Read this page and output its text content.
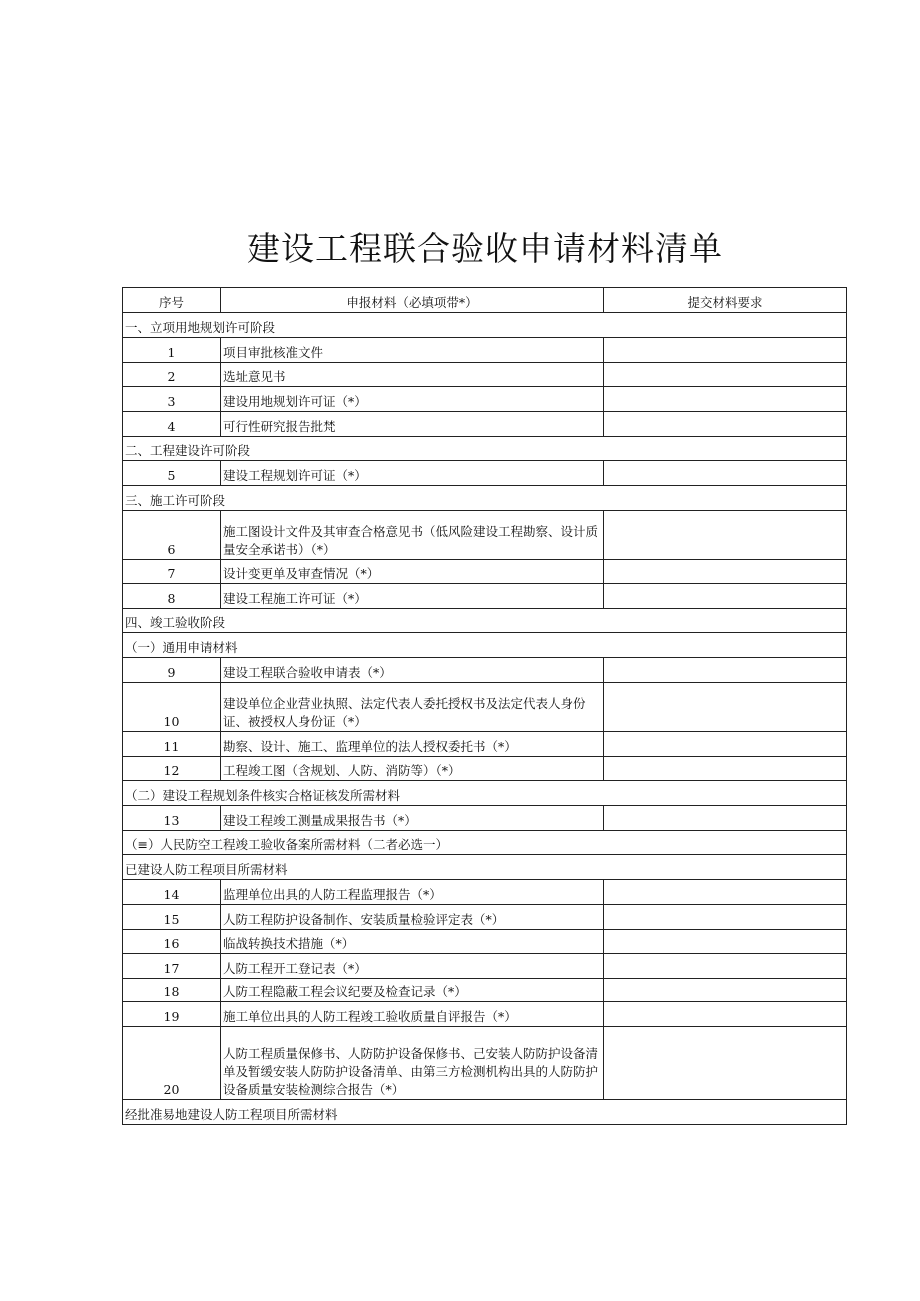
建设工程联合验收申请材料清单
序号	申报材料（必填项带*）	提交材料要求
一、立项用地规划许可阶段		
1	项目审批核准文件	
2	选址意见书	
3	建设用地规划许可证（*）	
4	可行性研究报告批梵	
二、工程建设许可阶段		
5	建设工程规划许可证（*）	
三、施工许可阶段		
6	施工图设计文件及其审查合格意见书（低风险建设工程勘察、设计质量安全承诺书）（*）	
7	设计变更单及审查情况（*）	
8	建设工程施工许可证（*）	
四、竣工验收阶段		
（一）通用申请材料		
9	建设工程联合验收申请表（*）	
10	建设单位企业营业执照、法定代表人委托授权书及法定代表人身份证、被授权人身份证（*）	
11	勘察、设计、施工、监理单位的法人授权委托书（*）	
12	工程竣工图（含规划、人防、消防等）（*）	
（二）建设工程规划条件核实合格证核发所需材料		
13	建设工程竣工测量成果报告书（*）	
（≡）人民防空工程竣工验收备案所需材料（二者必选一）		
已建设人防工程项目所需材料		
14	监理单位出具的人防工程监理报告（*）	
15	人防工程防护设备制作、安装质量检验评定表（*）	
16	临战转换技术措施（*）	
17	人防工程开工登记表（*）	
18	人防工程隐蔽工程会议纪要及检查记录（*）	
19	施工单位出具的人防工程竣工验收质量自评报告（*）	
20	人防工程质量保修书、人防防护设备保修书、己安装人防防护设备清单及暂缓安装人防防护设备清单、由第三方检测机构出具的人防防护设备质量安装检测综合报告（*）	
经批准易地建设人防工程项目所需材料		
